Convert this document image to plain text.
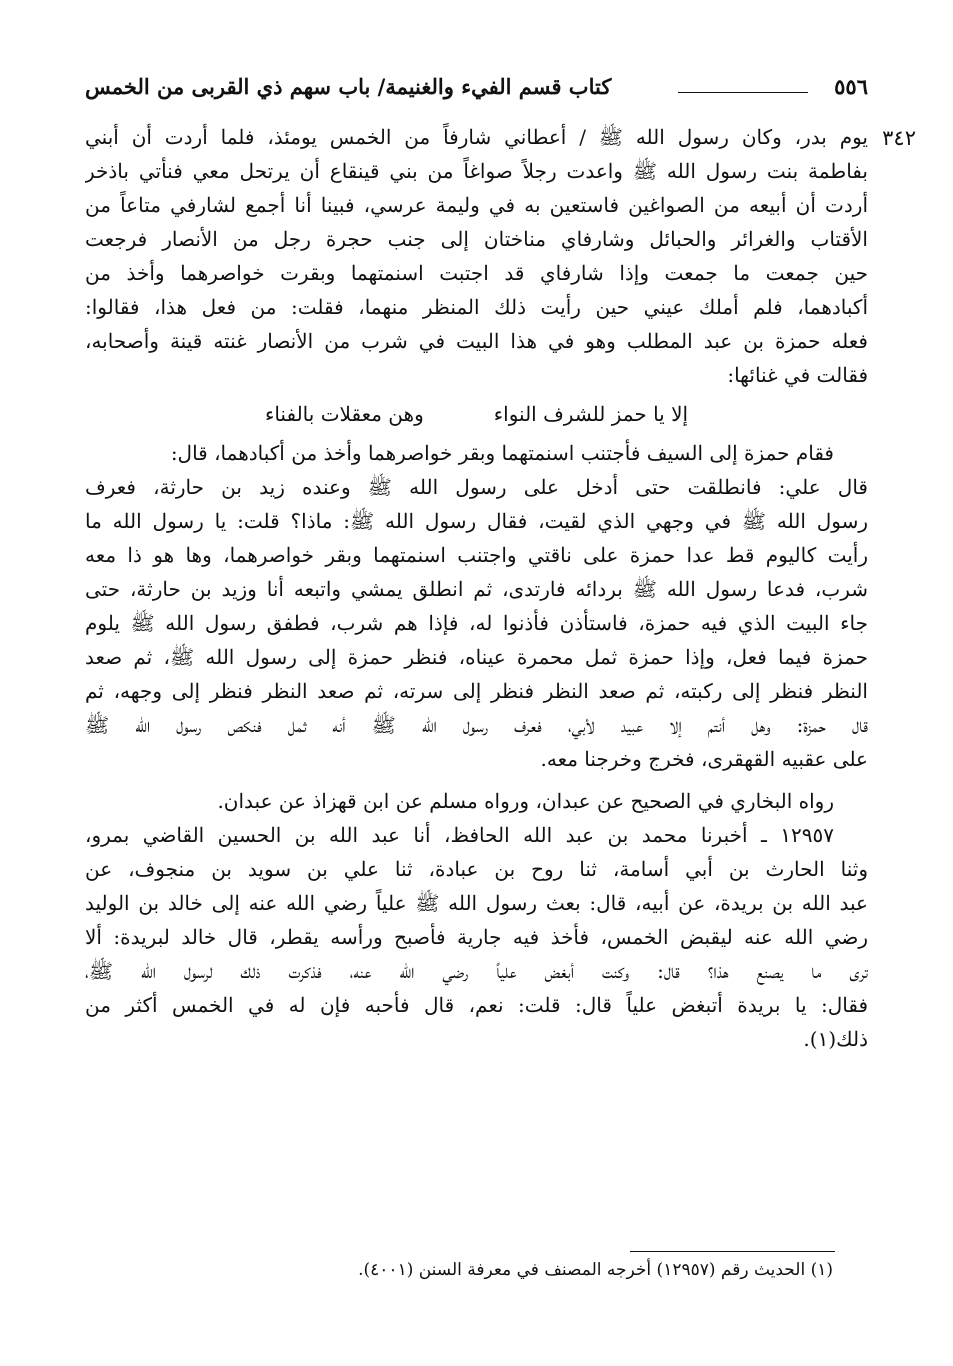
٥٥٦
كتاب قسم الفيء والغنيمة/ باب سهم ذي القربى من الخمس
٣٤٢
يوم بدر، وكان رسول الله ﷺ / أعطاني شارفاً من الخمس يومئذ، فلما أردت أن أبني
بفاطمة بنت رسول الله ﷺ واعدت رجلاً صواغاً من بني قينقاع أن يرتحل معي فنأتي باذخر
أردت أن أبيعه من الصواغين فاستعين به في وليمة عرسي، فبينا أنا أجمع لشارفي متاعاً من
الأقتاب والغرائر والحبائل وشارفاي مناختان إلى جنب حجرة رجل من الأنصار فرجعت
حين جمعت ما جمعت وإذا شارفاي قد اجتبت اسنمتهما وبقرت خواصرهما وأخذ من
أكبادهما، فلم أملك عيني حين رأيت ذلك المنظر منهما، فقلت: من فعل هذا، فقالوا:
فعله حمزة بن عبد المطلب وهو في هذا البيت في شرب من الأنصار غنته قينة وأصحابه،
فقالت في غنائها:
إلا يا حمز للشرف النواء
وهن معقلات بالفناء
فقام حمزة إلى السيف فأجتنب اسنمتهما وبقر خواصرهما وأخذ من أكبادهما، قال:
قال علي: فانطلقت حتى أدخل على رسول الله ﷺ وعنده زيد بن حارثة، فعرف
رسول الله ﷺ في وجهي الذي لقيت، فقال رسول الله ﷺ: ماذا؟ قلت: يا رسول الله ما
رأيت كاليوم قط عدا حمزة على ناقتي واجتنب اسنمتهما وبقر خواصرهما، وها هو ذا معه
شرب، فدعا رسول الله ﷺ بردائه فارتدى، ثم انطلق يمشي واتبعه أنا وزيد بن حارثة، حتى
جاء البيت الذي فيه حمزة، فاستأذن فأذنوا له، فإذا هم شرب، فطفق رسول الله ﷺ يلوم
حمزة فيما فعل، وإذا حمزة ثمل محمرة عيناه، فنظر حمزة إلى رسول الله ﷺ، ثم صعد
النظر فنظر إلى ركبته، ثم صعد النظر فنظر إلى سرته، ثم صعد النظر فنظر إلى وجهه، ثم
قال حمزة: وهل أنتم إلا عبيد لأبي، فعرف رسول الله ﷺ أنه ثمل فنكص رسول الله ﷺ
على عقبيه القهقرى، فخرج وخرجنا معه.
رواه البخاري في الصحيح عن عبدان، ورواه مسلم عن ابن قهزاذ عن عبدان.
١٢٩٥٧ ـ أخبرنا محمد بن عبد الله الحافظ، أنا عبد الله بن الحسين القاضي بمرو،
وثنا الحارث بن أبي أسامة، ثنا روح بن عبادة، ثنا علي بن سويد بن منجوف، عن
عبد الله بن بريدة، عن أبيه، قال: بعث رسول الله ﷺ علياً رضي الله عنه إلى خالد بن الوليد
رضي الله عنه ليقبض الخمس، فأخذ فيه جارية فأصبح ورأسه يقطر، قال خالد لبريدة: ألا
ترى ما يصنع هذا؟ قال: وكنت أبغض علياً رضي الله عنه، فذكرت ذلك لرسول الله ﷺ،
فقال: يا بريدة أتبغض علياً قال: قلت: نعم، قال فأحبه فإن له في الخمس أكثر من
ذلك(١).
(١) الحديث رقم (١٢٩٥٧) أخرجه المصنف في معرفة السنن (٤٠٠١).
